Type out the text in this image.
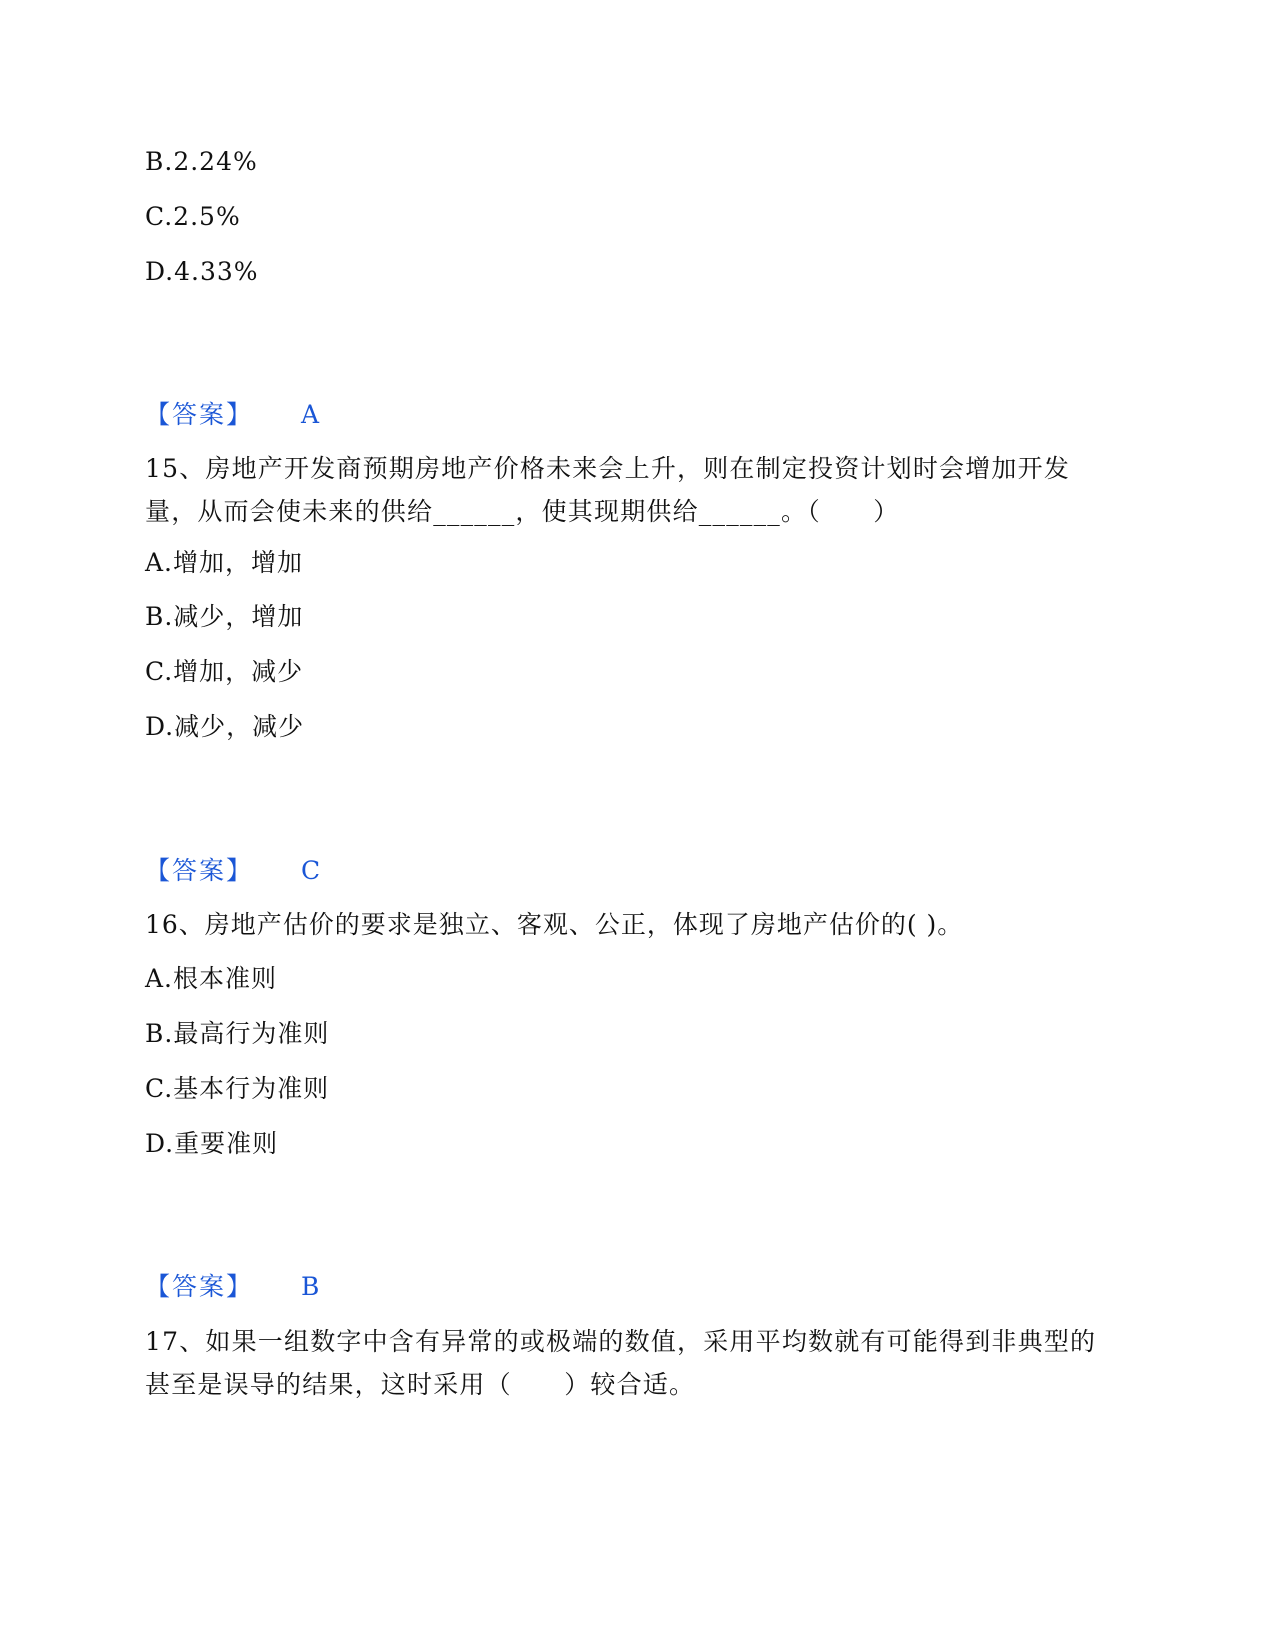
B.2.24%
C.2.5%
D.4.33%
【答案】 A
15、房地产开发商预期房地产价格未来会上升，则在制定投资计划时会增加开发量，从而会使未来的供给______，使其现期供给______。（　　）
A.增加，增加
B.减少，增加
C.增加，减少
D.减少，减少
【答案】 C
16、房地产估价的要求是独立、客观、公正，体现了房地产估价的( )。
A.根本准则
B.最高行为准则
C.基本行为准则
D.重要准则
【答案】 B
17、如果一组数字中含有异常的或极端的数值，采用平均数就有可能得到非典型的甚至是误导的结果，这时采用（　　）较合适。
